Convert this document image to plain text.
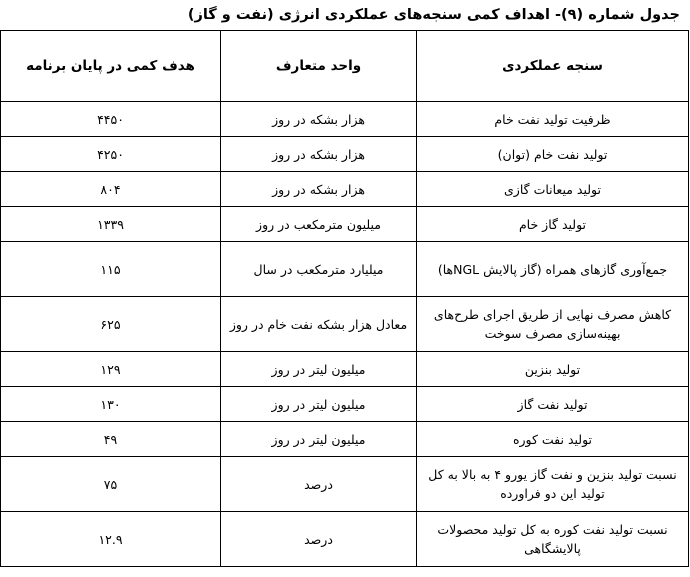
جدول شماره (۹)- اهداف کمی سنجه‌های عملکردی انرژی (نفت و گاز)
سنجه عملکردی	واحد متعارف	هدف کمی در پایان برنامه
ظرفیت تولید نفت خام	هزار بشکه در روز	۴۴۵۰
تولید نفت خام (توان)	هزار بشکه در روز	۴۲۵۰
تولید میعانات گازی	هزار بشکه در روز	۸۰۴
تولید گاز خام	میلیون مترمکعب در روز	۱۳۳۹
جمع‌آوری گازهای همراه (گاز پالایش NGLها)	میلیارد مترمکعب در سال	۱۱۵
کاهش مصرف نهایی از طریق اجرای طرح‌های بهینه‌سازی مصرف سوخت	معادل هزار بشکه نفت خام در روز	۶۲۵
تولید بنزین	میلیون لیتر در روز	۱۲۹
تولید نفت گاز	میلیون لیتر در روز	۱۳۰
تولید نفت کوره	میلیون لیتر در روز	۴۹
نسبت تولید بنزین و نفت گاز یورو ۴ به بالا به کل تولید این دو فراورده	درصد	۷۵
نسبت تولید نفت کوره به کل تولید محصولات پالایشگاهی	درصد	۱۲.۹
